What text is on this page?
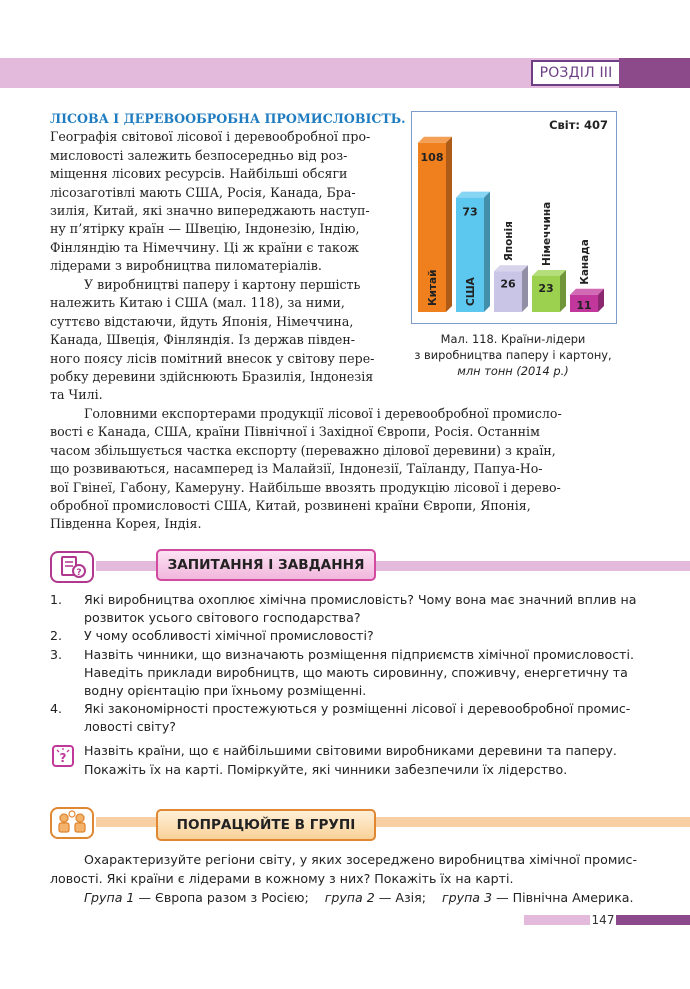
РОЗДІЛ ІІІ
ЛІСОВА І ДЕРЕВООБРОБНА ПРОМИСЛОВІСТЬ.
Географія світової лісової і деревообробної про-
мисловості залежить безпосередньо від роз-
міщення лісових ресурсів. Найбільші обсяги
лісозаготівлі мають США, Росія, Канада, Бра-
зилія, Китай, які значно випереджають наступ-
ну п’ятірку країн — Швецію, Індонезію, Індію,
Фінляндію та Німеччину. Ці ж країни є також
лідерами з виробництва пиломатеріалів.
У виробництві паперу і картону першість
належить Китаю і США (мал. 118), за ними,
суттєво відстаючи, йдуть Японія, Німеччина,
Канада, Швеція, Фінляндія. Із держав півден-
ного поясу лісів помітний внесок у світову пере-
робку деревини здійснюють Бразилія, Індонезія
та Чилі.
Світ: 407
108
Китай
73
США 26
Японія
23
Німеччина
11
Канада
Мал. 118. Країни-лідери
з виробництва паперу і картону,
млн тонн (2014 р.)
Головними експортерами продукції лісової і деревообробної промисло-
вості є Канада, США, країни Північної і Західної Європи, Росія. Останнім
часом збільшується частка експорту (переважно ділової деревини) з країн,
що розвиваються, насамперед із Малайзії, Індонезії, Таїланду, Папуа-Но-
вої Гвінеї, Габону, Камеруну. Найбільше ввозять продукцію лісової і дерево-
обробної промисловості США, Китай, розвинені країни Європи, Японія,
Південна Корея, Індія.
?	ЗАПИТАННЯ І ЗАВДАННЯ
1. Які виробництва охоплює хімічна промисловість? Чому вона має значний вплив на
розвиток усього світового господарства?
2. У чому особливості хімічної промисловості?
3. Назвіть чинники, що визначають розміщення підприємств хімічної промисловості.
Наведіть приклади виробництв, що мають сировинну, споживчу, енергетичну та
водну орієнтацію при їхньому розміщенні.
4. Які закономірності простежуються у розміщенні лісової і деревообробної промис-
ловості світу?
? Назвіть країни, що є найбільшими світовими виробниками деревини та паперу.
Покажіть їх на карті. Поміркуйте, які чинники забезпечили їх лідерство.
ПОПРАЦЮЙТЕ В ГРУПІ
Охарактеризуйте регіони світу, у яких зосереджено виробництва хімічної промис-
ловості. Які країни є лідерами в кожному з них? Покажіть їх на карті.
Група 1 — Європа разом з Росією; група 2 — Азія; група 3 — Північна Америка.
147
